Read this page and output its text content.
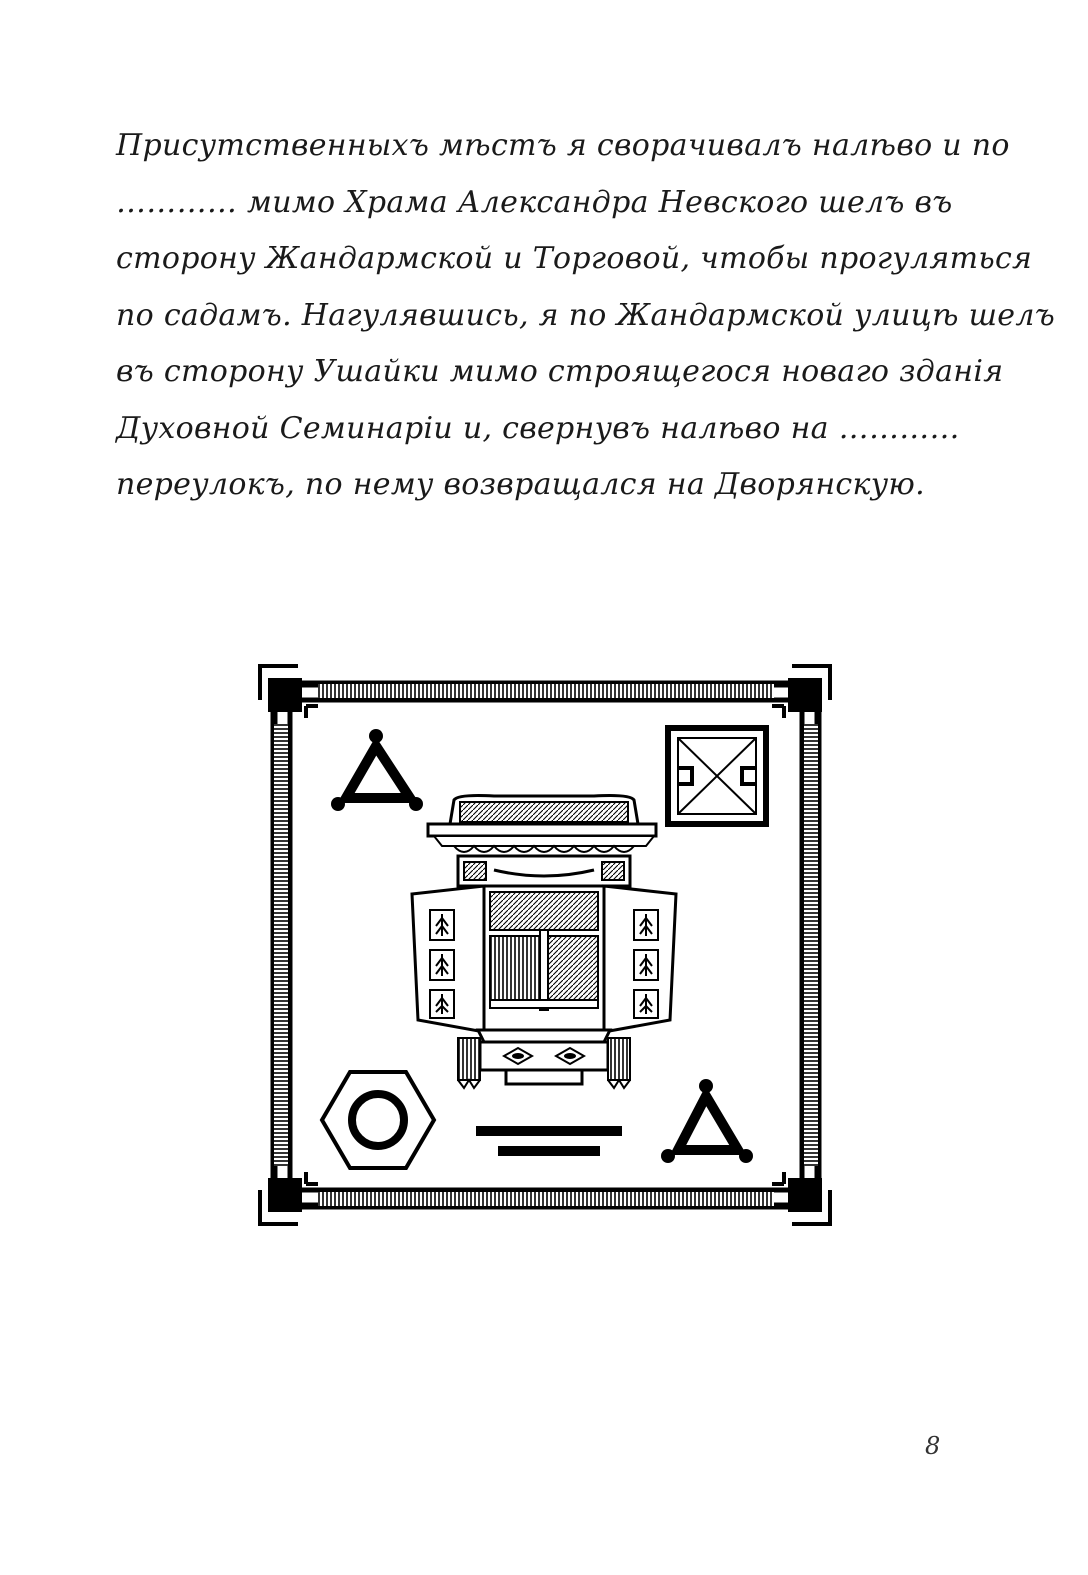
Присутственныхъ мѣстъ я сворачивалъ налѣво и по
………… мимо Храма Александра Невского шелъ въ
сторону Жандармской и Торговой, чтобы прогуляться
по садамъ. Нагулявшись, я по Жандармской улицѣ шелъ
въ сторону Ушайки мимо строящегося новаго зданія
Духовной Семинаріи и, свернувъ налѣво на …………
переулокъ, по нему возвращался на Дворянскую.
8
